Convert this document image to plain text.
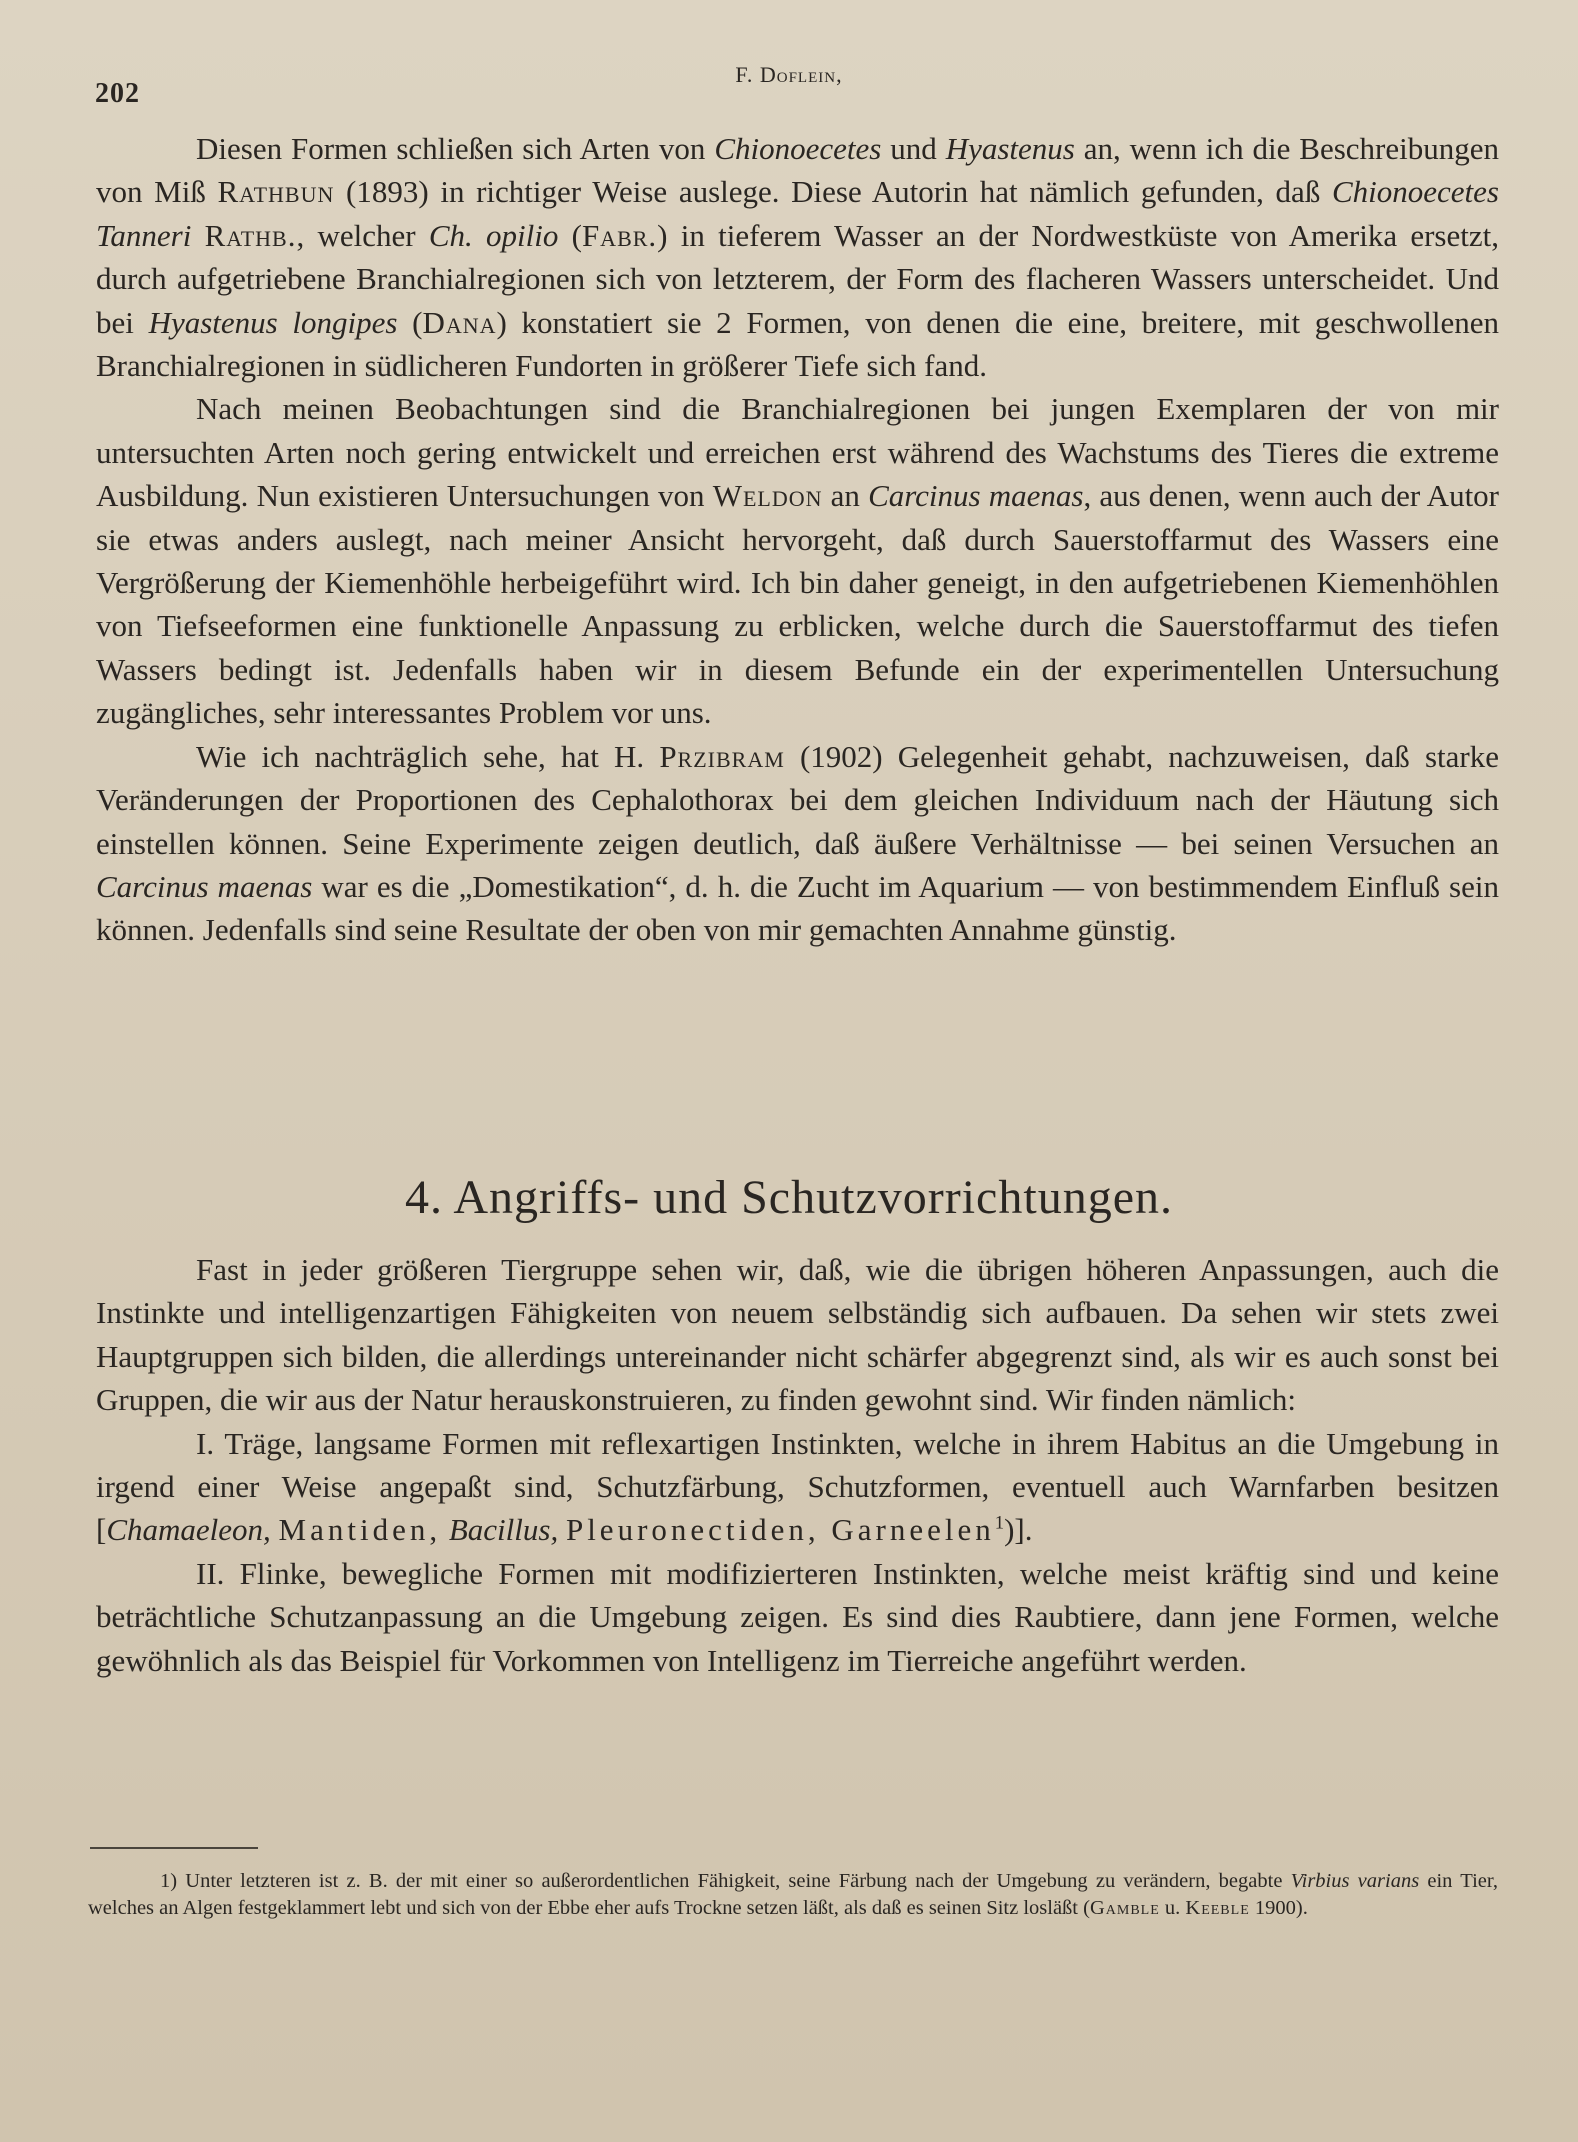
202
F. Doflein,

Diesen Formen schließen sich Arten von Chionoecetes und Hyastenus an, wenn ich die Beschreibungen von Miß Rathbun (1893) in richtiger Weise auslege. Diese Autorin hat nämlich gefunden, daß Chionoecetes Tanneri Rathb., welcher Ch. opilio (Fabr.) in tieferem Wasser an der Nordwestküste von Amerika ersetzt, durch aufgetriebene Branchialregionen sich von letzterem, der Form des flacheren Wassers unterscheidet. Und bei Hyastenus longipes (Dana) konstatiert sie 2 Formen, von denen die eine, breitere, mit geschwollenen Branchialregionen in südlicheren Fundorten in größerer Tiefe sich fand.

Nach meinen Beobachtungen sind die Branchialregionen bei jungen Exemplaren der von mir untersuchten Arten noch gering entwickelt und erreichen erst während des Wachstums des Tieres die extreme Ausbildung. Nun existieren Untersuchungen von Weldon an Carcinus maenas, aus denen, wenn auch der Autor sie etwas anders auslegt, nach meiner Ansicht hervorgeht, daß durch Sauerstoffarmut des Wassers eine Vergrößerung der Kiemenhöhle herbeigeführt wird. Ich bin daher geneigt, in den aufgetriebenen Kiemenhöhlen von Tiefseeformen eine funktionelle Anpassung zu erblicken, welche durch die Sauerstoffarmut des tiefen Wassers bedingt ist. Jedenfalls haben wir in diesem Befunde ein der experimentellen Untersuchung zugängliches, sehr interessantes Problem vor uns.

Wie ich nachträglich sehe, hat H. Przibram (1902) Gelegenheit gehabt, nachzuweisen, daß starke Veränderungen der Proportionen des Cephalothorax bei dem gleichen Individuum nach der Häutung sich einstellen können. Seine Experimente zeigen deutlich, daß äußere Verhältnisse — bei seinen Versuchen an Carcinus maenas war es die „Domestikation“, d. h. die Zucht im Aquarium — von bestimmendem Einfluß sein können. Jedenfalls sind seine Resultate der oben von mir gemachten Annahme günstig.

4. Angriffs- und Schutzvorrichtungen.

Fast in jeder größeren Tiergruppe sehen wir, daß, wie die übrigen höheren Anpassungen, auch die Instinkte und intelligenzartigen Fähigkeiten von neuem selbständig sich aufbauen. Da sehen wir stets zwei Hauptgruppen sich bilden, die allerdings untereinander nicht schärfer abgegrenzt sind, als wir es auch sonst bei Gruppen, die wir aus der Natur herauskonstruieren, zu finden gewohnt sind. Wir finden nämlich:

I. Träge, langsame Formen mit reflexartigen Instinkten, welche in ihrem Habitus an die Umgebung in irgend einer Weise angepaßt sind, Schutzfärbung, Schutzformen, eventuell auch Warnfarben besitzen [Chamaeleon, Mantiden, Bacillus, Pleuronectiden, Garneelen$^1$)].

II. Flinke, bewegliche Formen mit modifizierteren Instinkten, welche meist kräftig sind und keine beträchtliche Schutzanpassung an die Umgebung zeigen. Es sind dies Raubtiere, dann jene Formen, welche gewöhnlich als das Beispiel für Vorkommen von Intelligenz im Tierreiche angeführt werden.

1) Unter letzteren ist z. B. der mit einer so außerordentlichen Fähigkeit, seine Färbung nach der Umgebung zu verändern, begabte Virbius varians ein Tier, welches an Algen festgeklammert lebt und sich von der Ebbe eher aufs Trockne setzen läßt, als daß es seinen Sitz losläßt (Gamble u. Keeble 1900).
